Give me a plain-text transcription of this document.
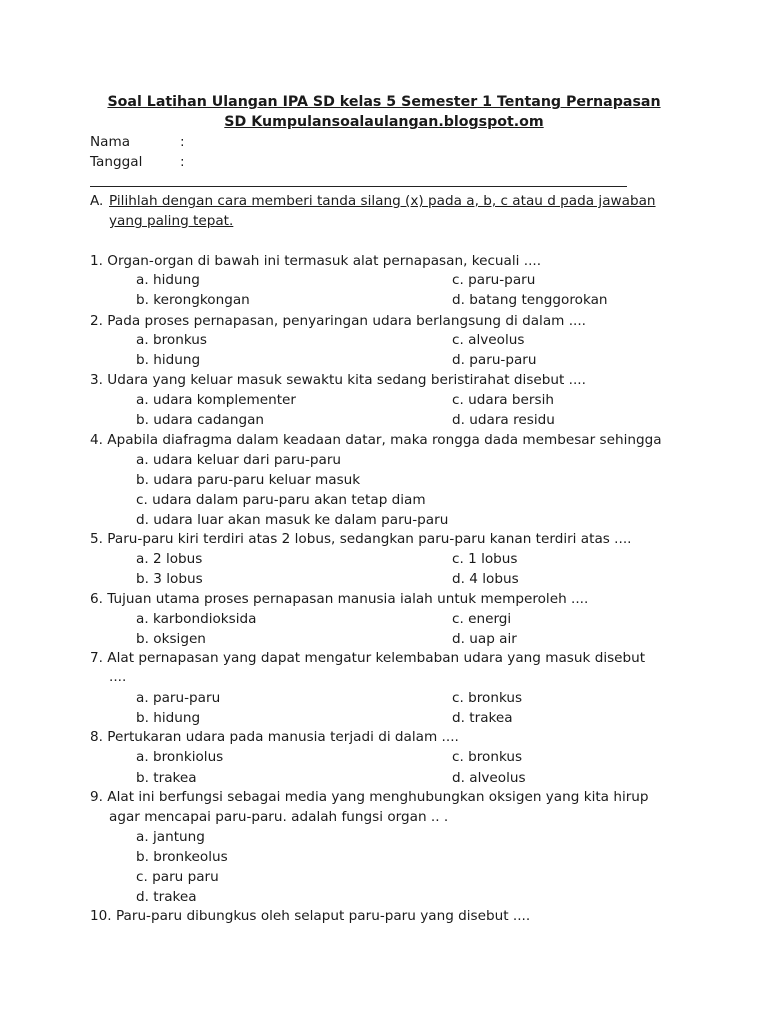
Soal Latihan Ulangan IPA SD kelas 5 Semester 1 Tentang Pernapasan
SD Kumpulansoalaulangan.blogspot.om
Nama	:
Tanggal	:
A. Pilihlah dengan cara memberi tanda silang (x) pada a, b, c atau d pada jawaban
yang paling tepat.
1. Organ-organ di bawah ini termasuk alat pernapasan, kecuali ....
a. hidung	c. paru-paru
b. kerongkongan	d. batang tenggorokan
2. Pada proses pernapasan, penyaringan udara berlangsung di dalam ....
a. bronkus	c. alveolus
b. hidung	d. paru-paru
3. Udara yang keluar masuk sewaktu kita sedang beristirahat disebut ....
a. udara komplementer	c. udara bersih
b. udara cadangan	d. udara residu
4. Apabila diafragma dalam keadaan datar, maka rongga dada membesar sehingga
a. udara keluar dari paru-paru
b. udara paru-paru keluar masuk
c. udara dalam paru-paru akan tetap diam
d. udara luar akan masuk ke dalam paru-paru
5. Paru-paru kiri terdiri atas 2 lobus, sedangkan paru-paru kanan terdiri atas ....
a. 2 lobus	c. 1 lobus
b. 3 lobus	d. 4 lobus
6. Tujuan utama proses pernapasan manusia ialah untuk memperoleh ....
a. karbondioksida	c. energi
b. oksigen	d. uap air
7. Alat pernapasan yang dapat mengatur kelembaban udara yang masuk disebut
....
a. paru-paru	c. bronkus
b. hidung	d. trakea
8. Pertukaran udara pada manusia terjadi di dalam ....
a. bronkiolus	c. bronkus
b. trakea	d. alveolus
9. Alat ini berfungsi sebagai media yang menghubungkan oksigen yang kita hirup
agar mencapai paru-paru. adalah fungsi organ .. .
a. jantung
b. bronkeolus
c. paru paru
d. trakea
10. Paru-paru dibungkus oleh selaput paru-paru yang disebut ....
